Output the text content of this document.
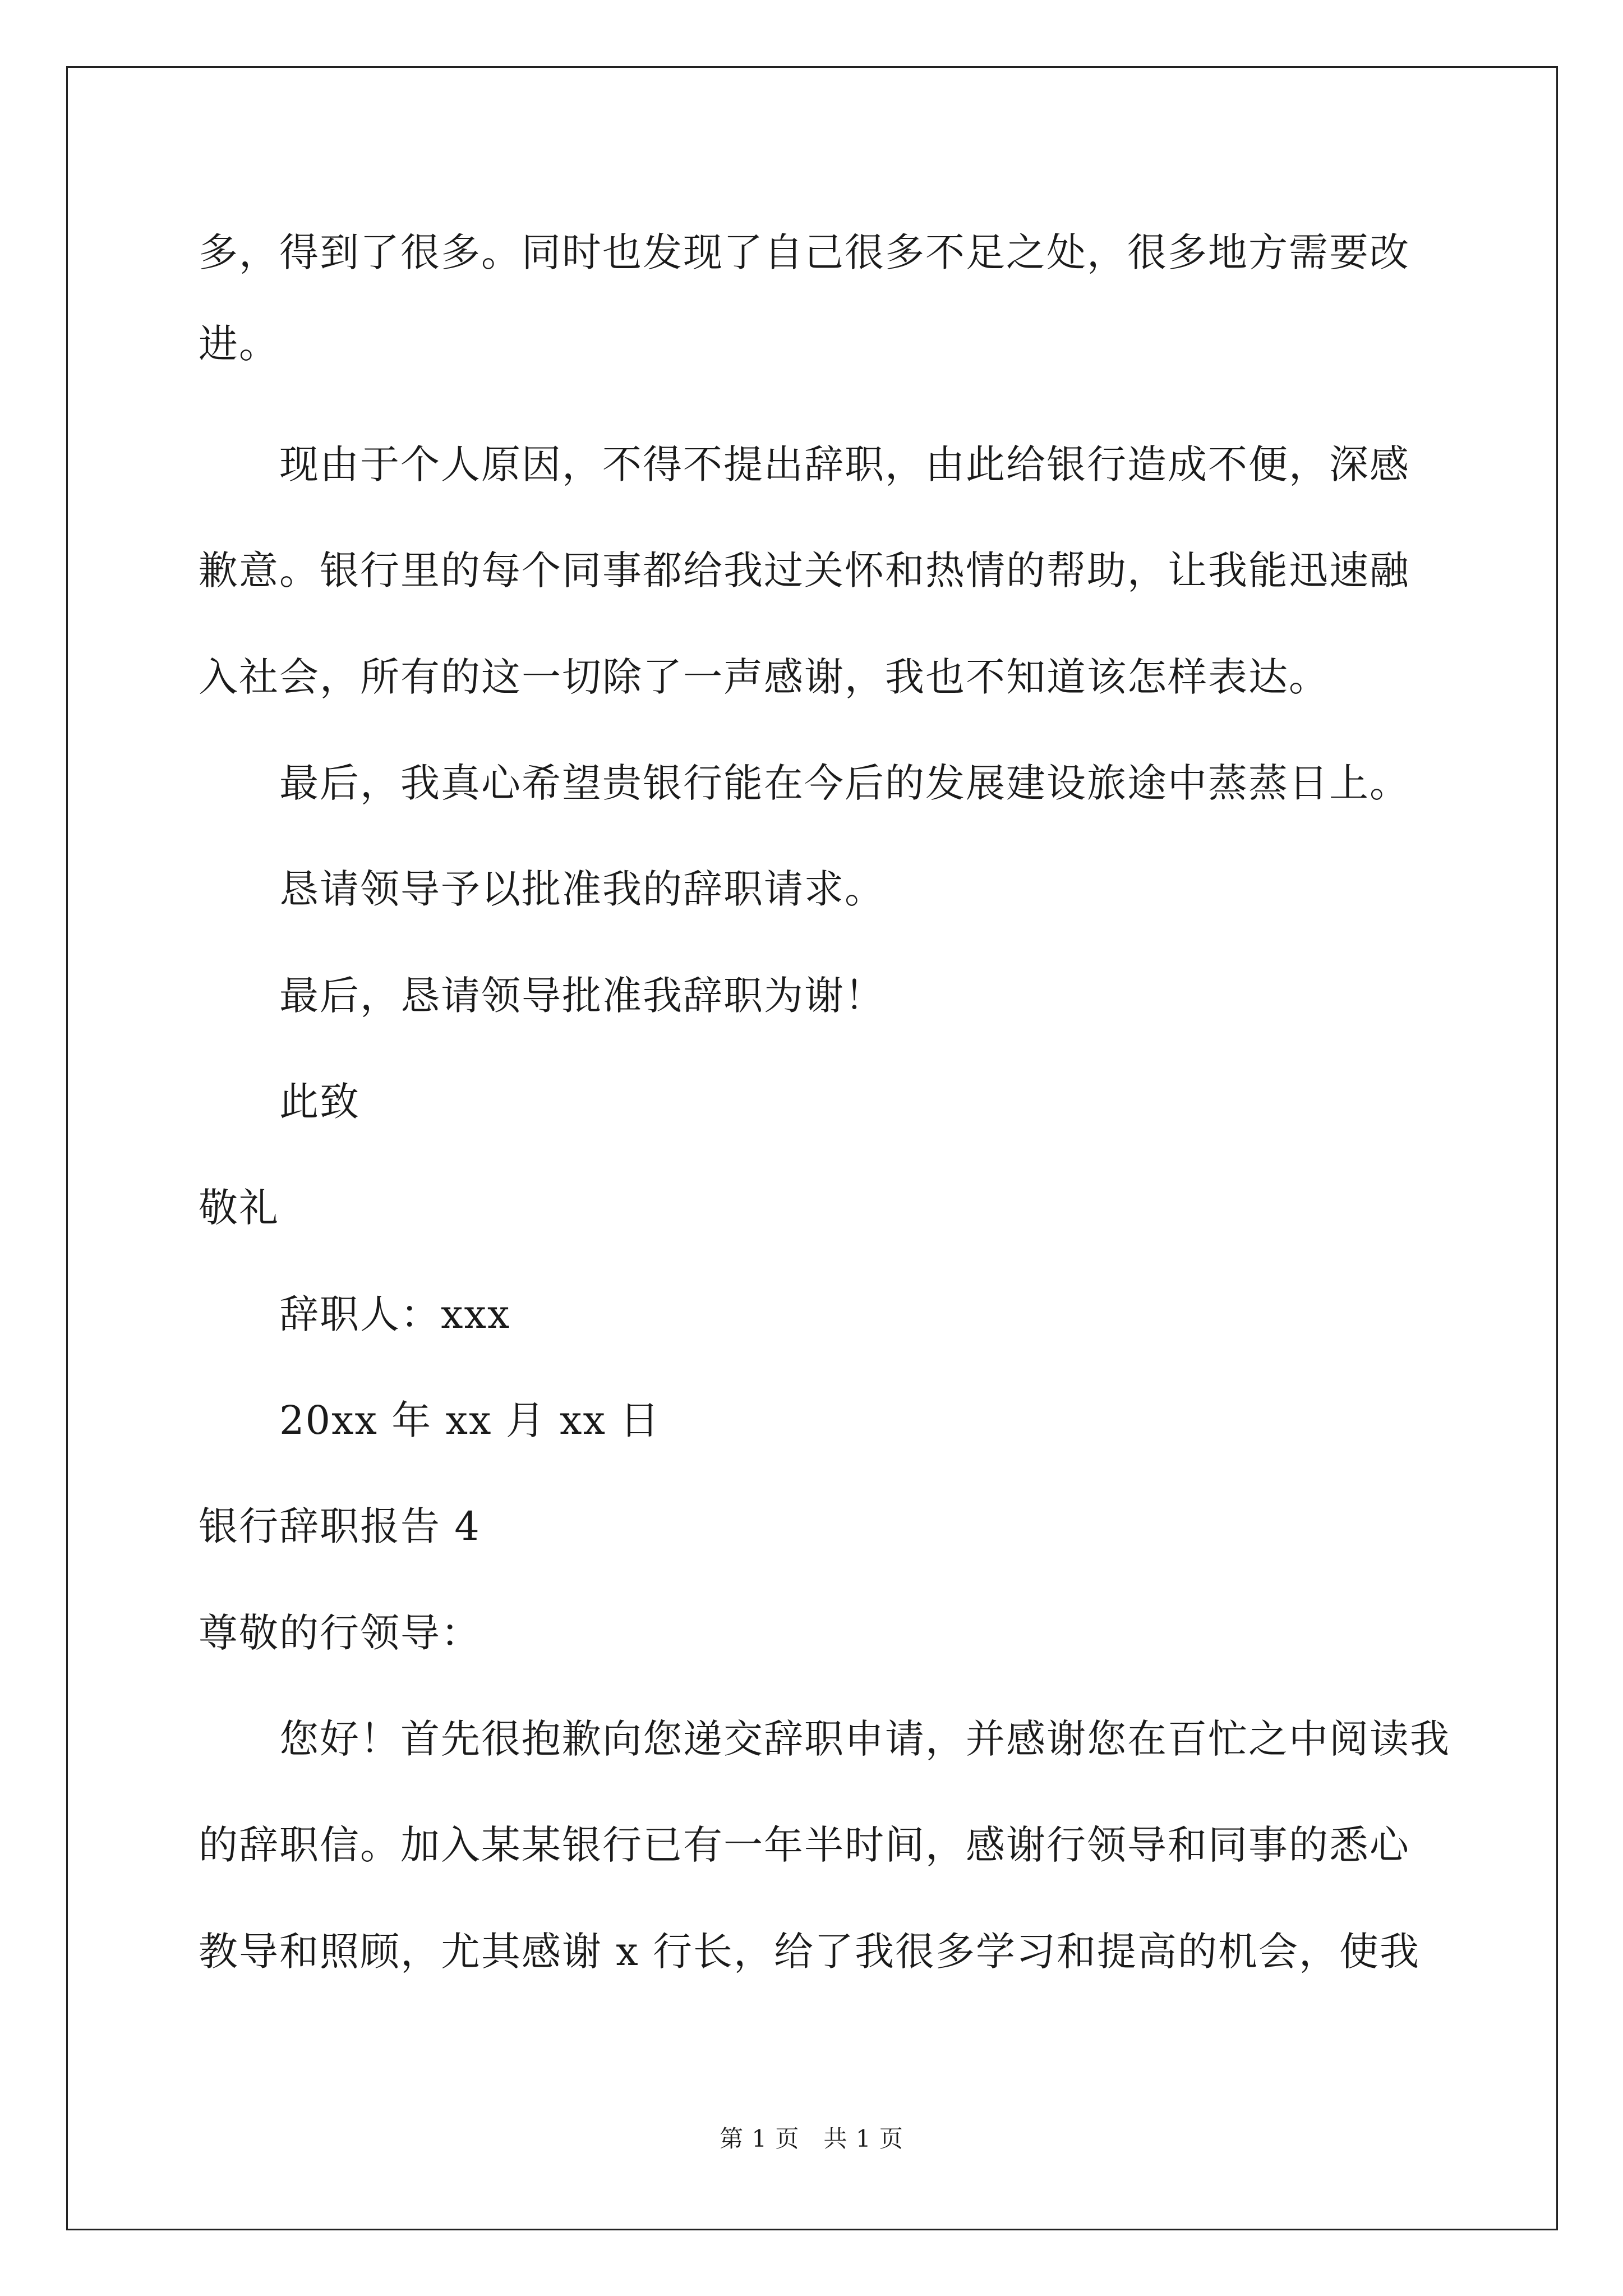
多，得到了很多。同时也发现了自己很多不足之处，很多地方需要改

进。

现由于个人原因，不得不提出辞职，由此给银行造成不便，深感

歉意。银行里的每个同事都给我过关怀和热情的帮助，让我能迅速融

入社会，所有的这一切除了一声感谢，我也不知道该怎样表达。

最后，我真心希望贵银行能在今后的发展建设旅途中蒸蒸日上。

恳请领导予以批准我的辞职请求。

最后，恳请领导批准我辞职为谢！

此致

敬礼

辞职人：xxx

20xx 年 xx 月 xx 日

银行辞职报告 4

尊敬的行领导：

您好！首先很抱歉向您递交辞职申请，并感谢您在百忙之中阅读我

的辞职信。加入某某银行已有一年半时间，感谢行领导和同事的悉心

教导和照顾，尤其感谢 x 行长，给了我很多学习和提高的机会，使我

第 1 页　共 1 页
